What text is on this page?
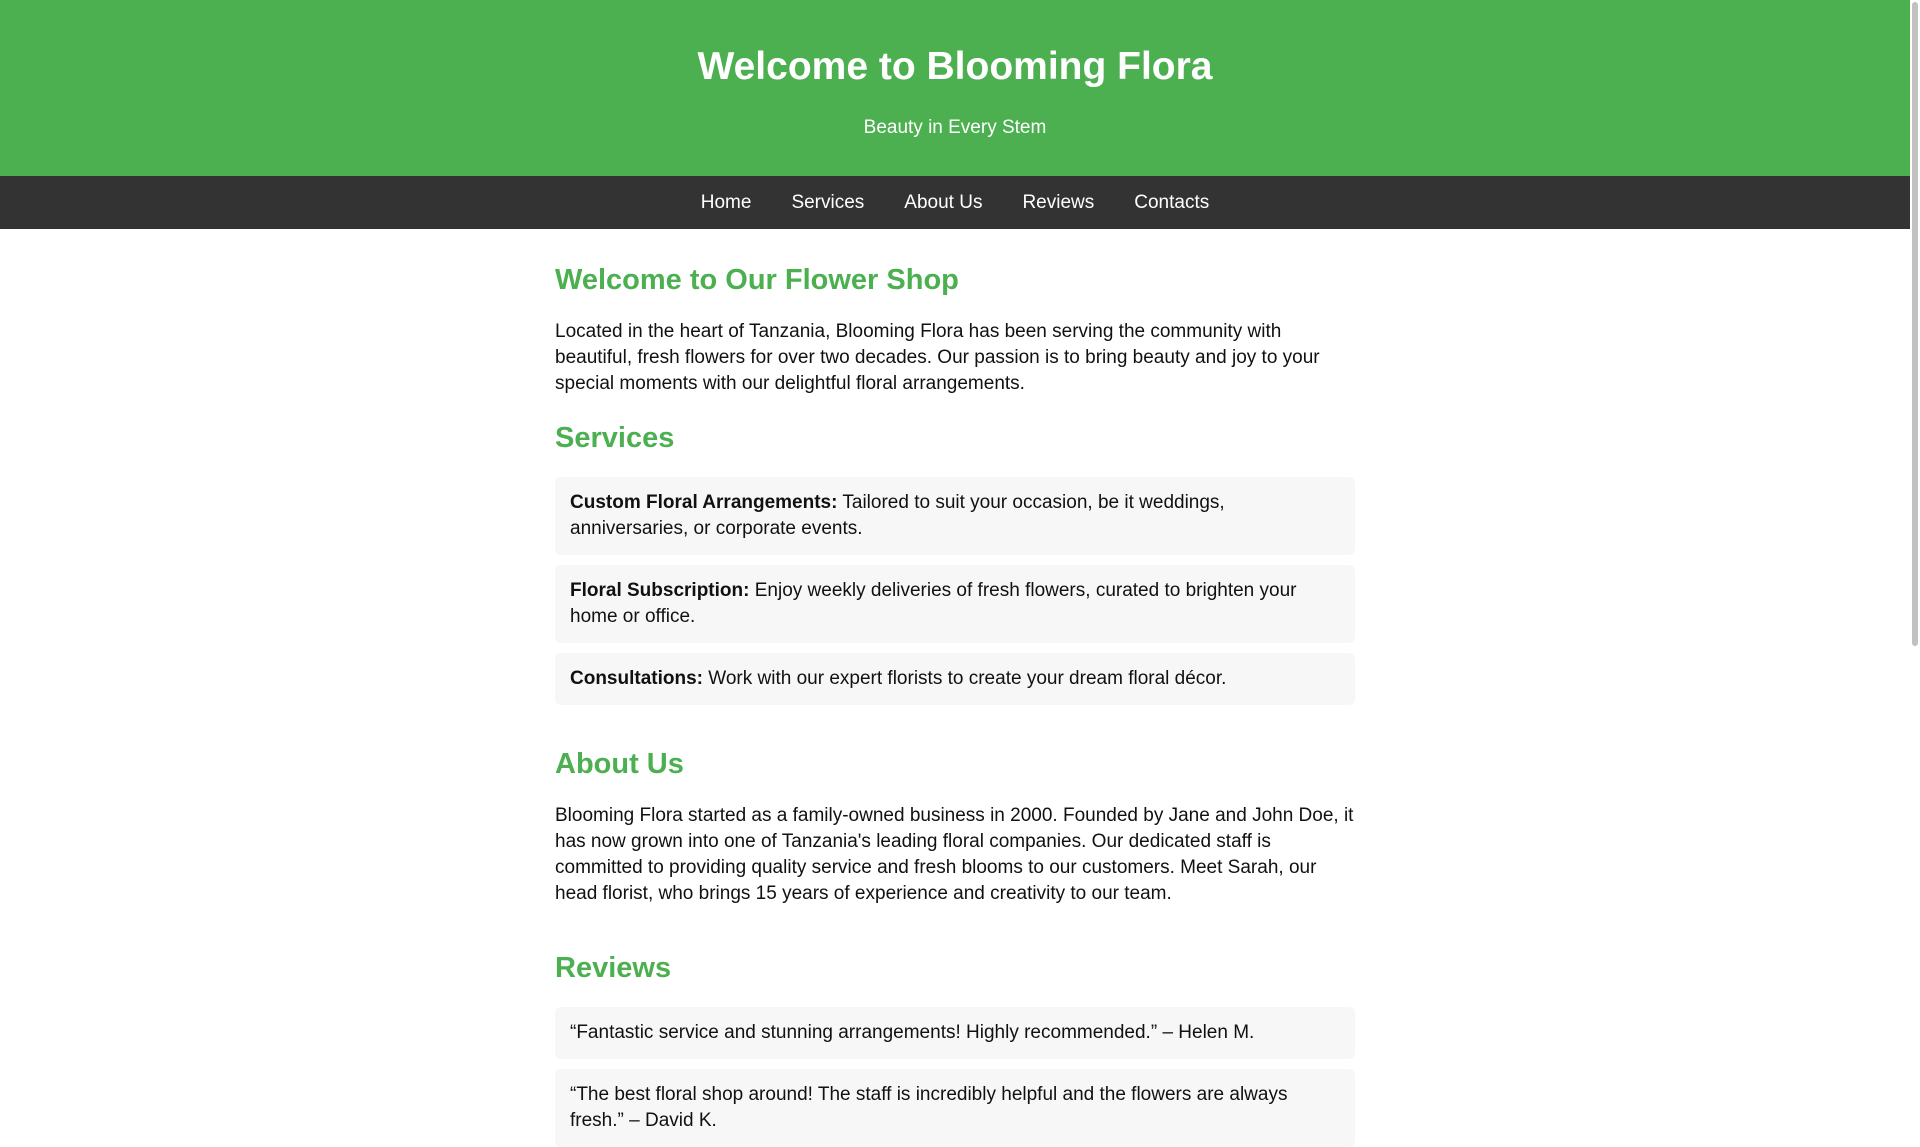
Welcome to Blooming Flora

Beauty in Every Stem

Home	Services	About Us	Reviews	Contacts
Welcome to Our Flower Shop

Located in the heart of Tanzania, Blooming Flora has been serving the community with beautiful, fresh flowers for over two decades. Our passion is to bring beauty and joy to your special moments with our delightful floral arrangements.

Services
Custom Floral Arrangements: Tailored to suit your occasion, be it weddings, anniversaries, or corporate events.
Floral Subscription: Enjoy weekly deliveries of fresh flowers, curated to brighten your home or office.
Consultations: Work with our expert florists to create your dream floral décor.
About Us

Blooming Flora started as a family-owned business in 2000. Founded by Jane and John Doe, it has now grown into one of Tanzania's leading floral companies. Our dedicated staff is committed to providing quality service and fresh blooms to our customers. Meet Sarah, our head florist, who brings 15 years of experience and creativity to our team.

Reviews
“Fantastic service and stunning arrangements! Highly recommended.” – Helen M.
“The best floral shop around! The staff is incredibly helpful and the flowers are always fresh.” – David K.
